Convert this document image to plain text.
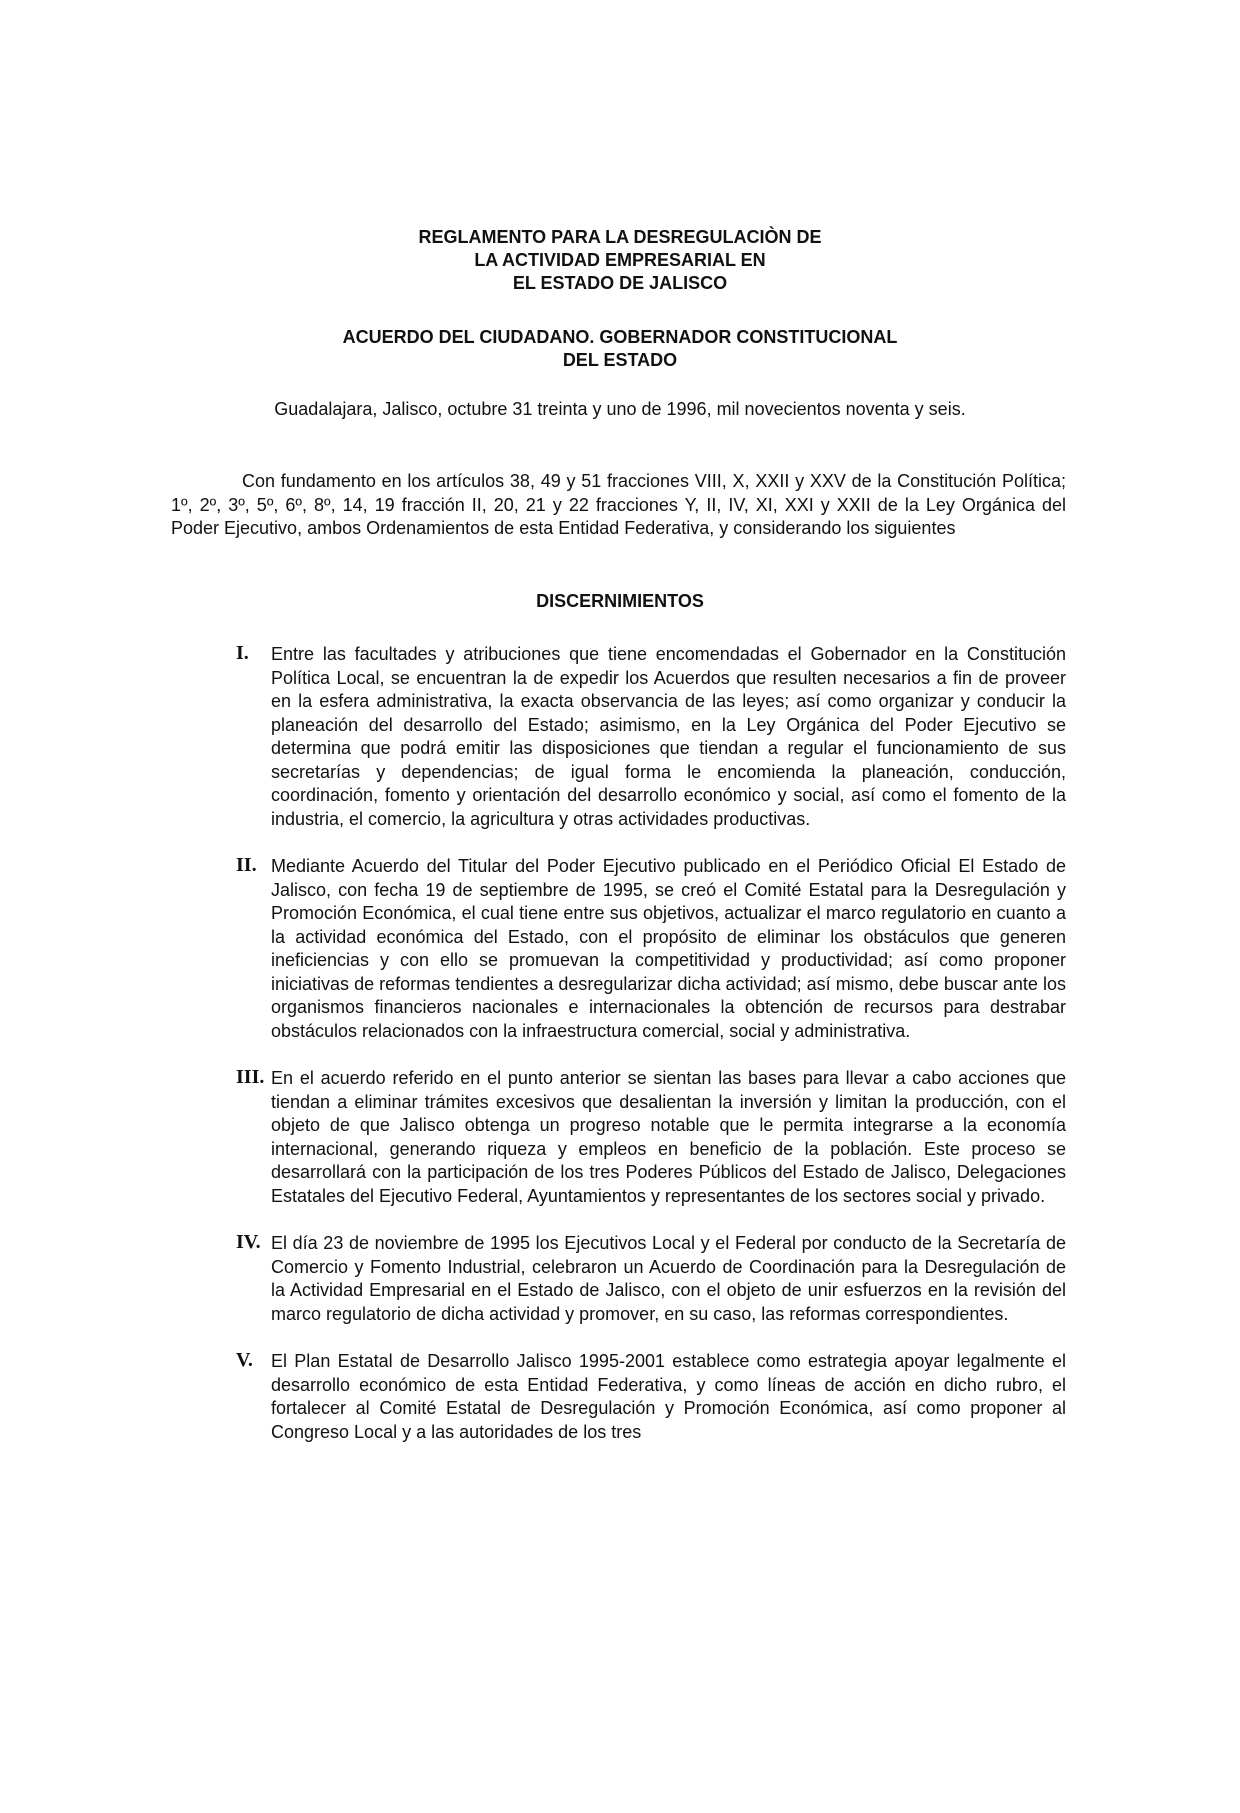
REGLAMENTO PARA LA DESREGULACIÒN DE
LA ACTIVIDAD EMPRESARIAL EN
EL ESTADO DE JALISCO
ACUERDO DEL CIUDADANO. GOBERNADOR CONSTITUCIONAL
DEL ESTADO
Guadalajara, Jalisco, octubre 31 treinta y uno de 1996, mil novecientos noventa y seis.

Con fundamento en los artículos 38, 49 y 51 fracciones VIII, X, XXII y XXV de la Constitución Política; 1º, 2º, 3º, 5º, 6º, 8º, 14, 19 fracción II, 20, 21 y 22 fracciones Y, II, IV, XI, XXI y XXII de la Ley Orgánica del Poder Ejecutivo, ambos Ordenamientos de esta Entidad Federativa, y considerando los siguientes

DISCERNIMIENTOS
I. Entre las facultades y atribuciones que tiene encomendadas el Gobernador en la Constitución Política Local, se encuentran la de expedir los Acuerdos que resulten necesarios a fin de proveer en la esfera administrativa, la exacta observancia de las leyes; así como organizar y conducir la planeación del desarrollo del Estado; asimismo, en la Ley Orgánica del Poder Ejecutivo se determina que podrá emitir las disposiciones que tiendan a regular el funcionamiento de sus secretarías y dependencias; de igual forma le encomienda la planeación, conducción, coordinación, fomento y orientación del desarrollo económico y social, así como el fomento de la industria, el comercio, la agricultura y otras actividades productivas.
II. Mediante Acuerdo del Titular del Poder Ejecutivo publicado en el Periódico Oficial El Estado de Jalisco, con fecha 19 de septiembre de 1995, se creó el Comité Estatal para la Desregulación y Promoción Económica, el cual tiene entre sus objetivos, actualizar el marco regulatorio en cuanto a la actividad económica del Estado, con el propósito de eliminar los obstáculos que generen ineficiencias y con ello se promuevan la competitividad y productividad; así como proponer iniciativas de reformas tendientes a desregularizar dicha actividad; así mismo, debe buscar ante los organismos financieros nacionales e internacionales la obtención de recursos para destrabar obstáculos relacionados con la infraestructura comercial, social y administrativa.
III. En el acuerdo referido en el punto anterior se sientan las bases para llevar a cabo acciones que tiendan a eliminar trámites excesivos que desalientan la inversión y limitan la producción, con el objeto de que Jalisco obtenga un progreso notable que le permita integrarse a la economía internacional, generando riqueza y empleos en beneficio de la población. Este proceso se desarrollará con la participación de los tres Poderes Públicos del Estado de Jalisco, Delegaciones Estatales del Ejecutivo Federal, Ayuntamientos y representantes de los sectores social y privado.
IV. El día 23 de noviembre de 1995 los Ejecutivos Local y el Federal por conducto de la Secretaría de Comercio y Fomento Industrial, celebraron un Acuerdo de Coordinación para la Desregulación de la Actividad Empresarial en el Estado de Jalisco, con el objeto de unir esfuerzos en la revisión del marco regulatorio de dicha actividad y promover, en su caso, las reformas correspondientes.
V. El Plan Estatal de Desarrollo Jalisco 1995-2001 establece como estrategia apoyar legalmente el desarrollo económico de esta Entidad Federativa, y como líneas de acción en dicho rubro, el fortalecer al Comité Estatal de Desregulación y Promoción Económica, así como proponer al Congreso Local y a las autoridades de los tres
